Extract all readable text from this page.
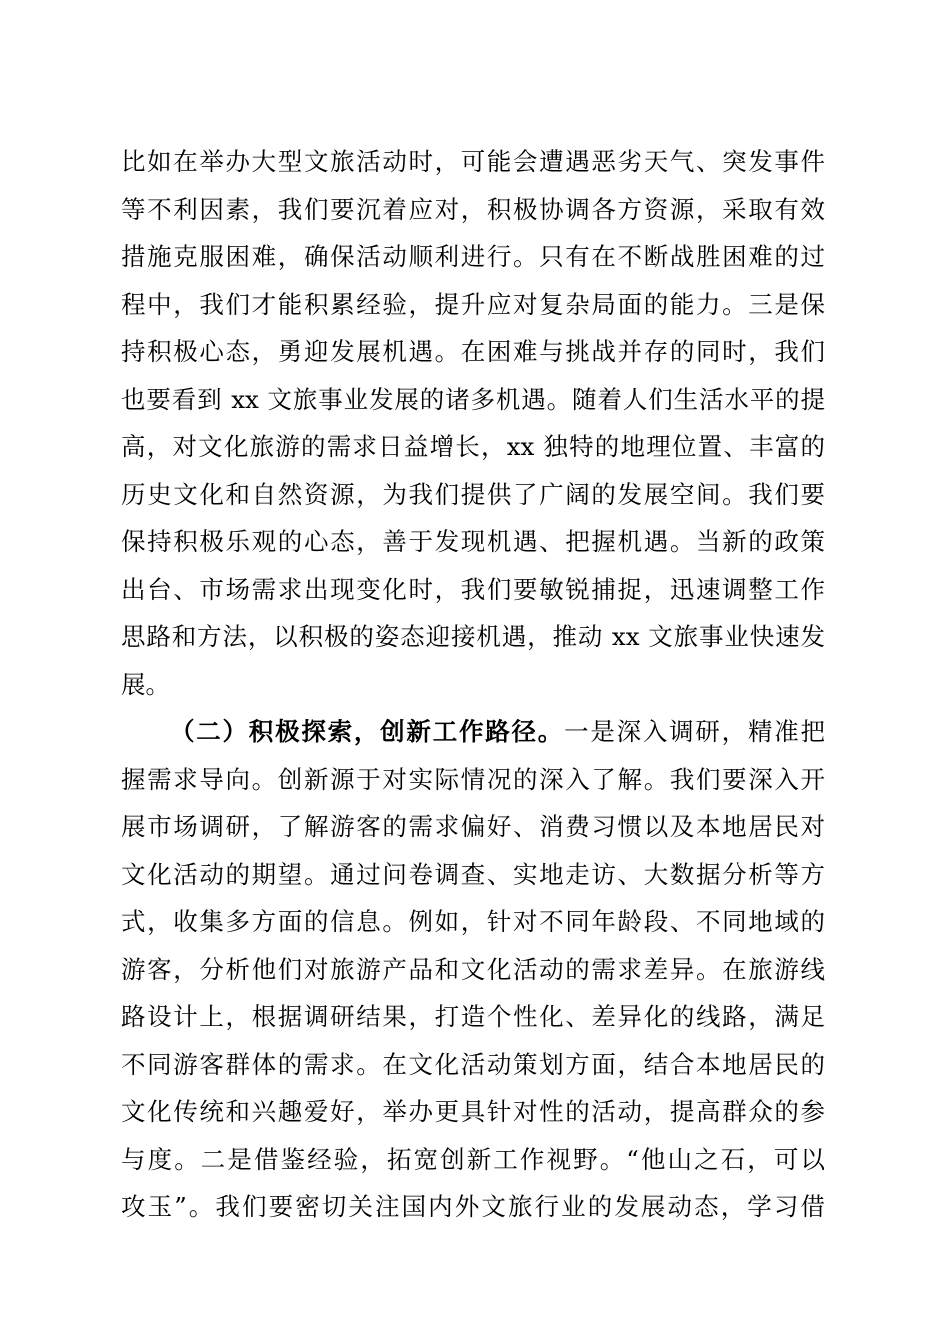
比如在举办大型文旅活动时，可能会遭遇恶劣天气、突发事件
等不利因素，我们要沉着应对，积极协调各方资源，采取有效
措施克服困难，确保活动顺利进行。只有在不断战胜困难的过
程中，我们才能积累经验，提升应对复杂局面的能力。三是保
持积极心态，勇迎发展机遇。在困难与挑战并存的同时，我们
也要看到 xx 文旅事业发展的诸多机遇。随着人们生活水平的提
高，对文化旅游的需求日益增长，xx 独特的地理位置、丰富的
历史文化和自然资源，为我们提供了广阔的发展空间。我们要
保持积极乐观的心态，善于发现机遇、把握机遇。当新的政策
出台、市场需求出现变化时，我们要敏锐捕捉，迅速调整工作
思路和方法，以积极的姿态迎接机遇，推动 xx 文旅事业快速发
展。
（二）积极探索，创新工作路径。一是深入调研，精准把
握需求导向。创新源于对实际情况的深入了解。我们要深入开
展市场调研，了解游客的需求偏好、消费习惯以及本地居民对
文化活动的期望。通过问卷调查、实地走访、大数据分析等方
式，收集多方面的信息。例如，针对不同年龄段、不同地域的
游客，分析他们对旅游产品和文化活动的需求差异。在旅游线
路设计上，根据调研结果，打造个性化、差异化的线路，满足
不同游客群体的需求。在文化活动策划方面，结合本地居民的
文化传统和兴趣爱好，举办更具针对性的活动，提高群众的参
与度。二是借鉴经验，拓宽创新工作视野。“他山之石，可以
攻玉”。我们要密切关注国内外文旅行业的发展动态，学习借
